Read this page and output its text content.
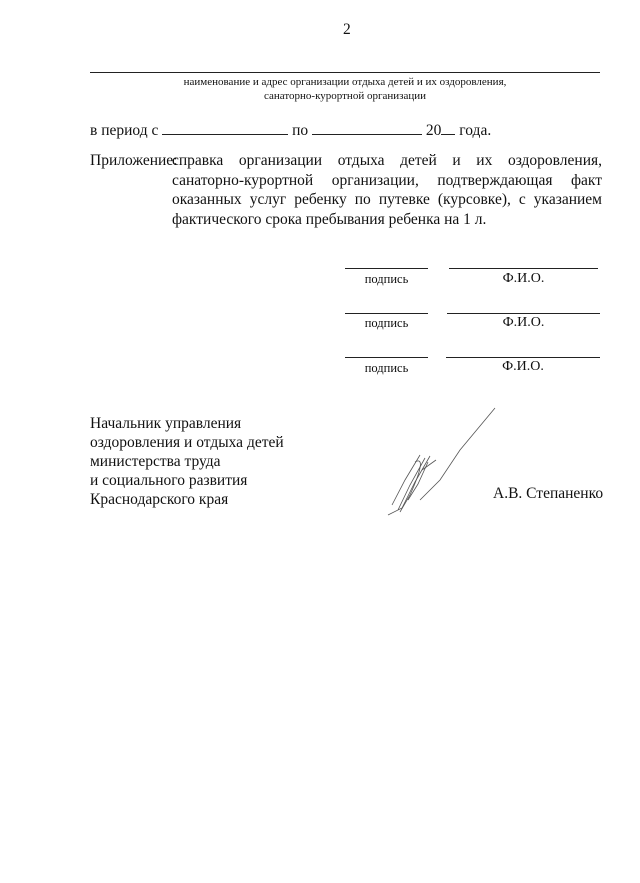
2
наименование и адрес организации отдыха детей и их оздоровления,
санаторно-курортной организации
в период с	по	20 года.
Приложение:
справка организации отдыха детей и их оздоровления, санаторно-курортной организации, подтверждающая факт оказанных услуг ребенку по путевке (курсовке), с указанием фактического срока пребывания ребенка на 1 л.
подпись	Ф.И.О.
подпись	Ф.И.О.
подпись	Ф.И.О.
Начальник управления
оздоровления и отдыха детей
министерства труда
и социального развития
Краснодарского края	А.В. Степаненко
